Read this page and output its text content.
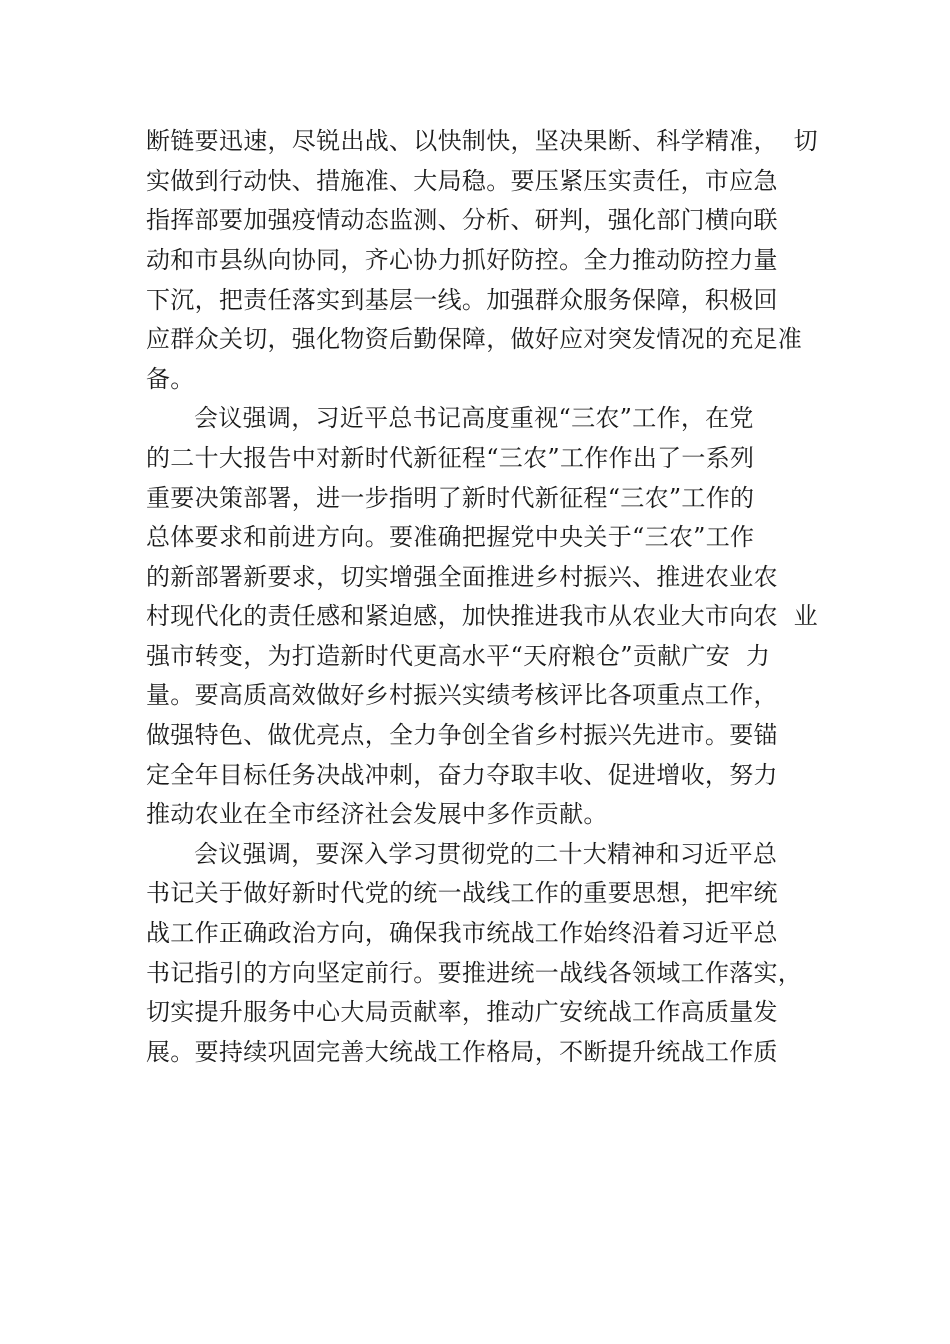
断链要迅速，尽锐出战、以快制快，坚决果断、科学精准，  切
实做到行动快、措施准、大局稳。要压紧压实责任，市应急
指挥部要加强疫情动态监测、分析、研判，强化部门横向联
动和市县纵向协同，齐心协力抓好防控。全力推动防控力量
下沉，把责任落实到基层一线。加强群众服务保障，积极回
应群众关切，强化物资后勤保障，做好应对突发情况的充足准
备。
会议强调，习近平总书记高度重视“三农”工作，在党
的二十大报告中对新时代新征程“三农”工作作出了一系列
重要决策部署，进一步指明了新时代新征程“三农”工作的
总体要求和前进方向。要准确把握党中央关于“三农”工作
的新部署新要求，切实增强全面推进乡村振兴、推进农业农
村现代化的责任感和紧迫感，加快推进我市从农业大市向农  业
强市转变，为打造新时代更高水平“天府粮仓”贡献广安  力
量。要高质高效做好乡村振兴实绩考核评比各项重点工作，
做强特色、做优亮点，全力争创全省乡村振兴先进市。要锚
定全年目标任务决战冲刺，奋力夺取丰收、促进增收，努力
推动农业在全市经济社会发展中多作贡献。
会议强调，要深入学习贯彻党的二十大精神和习近平总
书记关于做好新时代党的统一战线工作的重要思想，把牢统
战工作正确政治方向，确保我市统战工作始终沿着习近平总
书记指引的方向坚定前行。要推进统一战线各领域工作落实，
切实提升服务中心大局贡献率，推动广安统战工作高质量发
展。要持续巩固完善大统战工作格局，不断提升统战工作质
